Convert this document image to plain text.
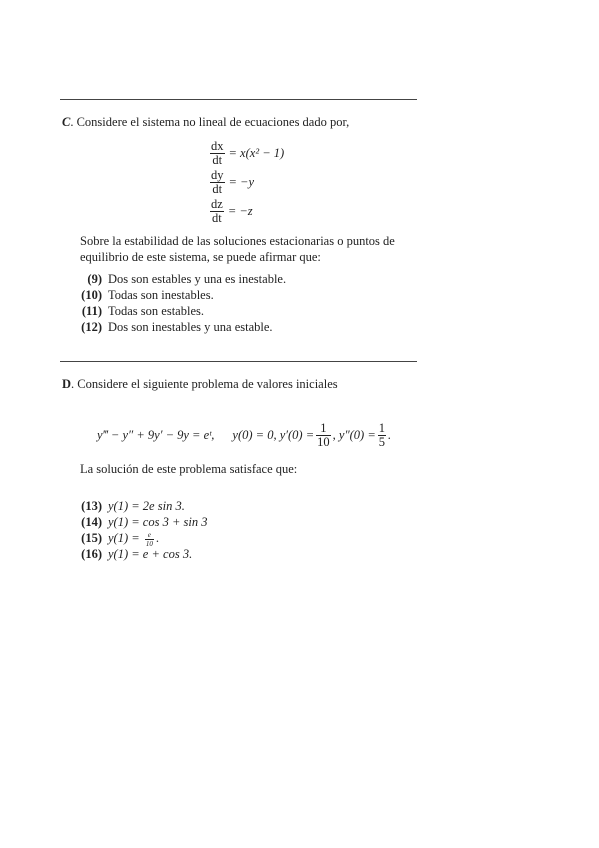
C. Considere el sistema no lineal de ecuaciones dado por,
$\frac{dx}{dt} = x(x^2 - 1)$
$\frac{dy}{dt} = -y$
$\frac{dz}{dt} = -z$
Sobre la estabilidad de las soluciones estacionarias o puntos de
equilibrio de este sistema, se puede afirmar que:
(9) Dos son estables y una es inestable.
(10) Todas son inestables.
(11) Todas son estables.
(12) Dos son inestables y una estable.
D. Considere el siguiente problema de valores iniciales
y‴ − y″ + 9y′ − 9y = eᵗ, y(0) = 0, $y'(0) = \frac{1}{10}$ , $y''(0) = \frac{1}{5}$ .
La solución de este problema satisface que:
(13) y(1) = 2e sin 3.
(14) y(1) = cos 3 + sin 3
(15) $y(1) = \frac{e}{10}$ .
(16) y(1) = e + cos 3.
